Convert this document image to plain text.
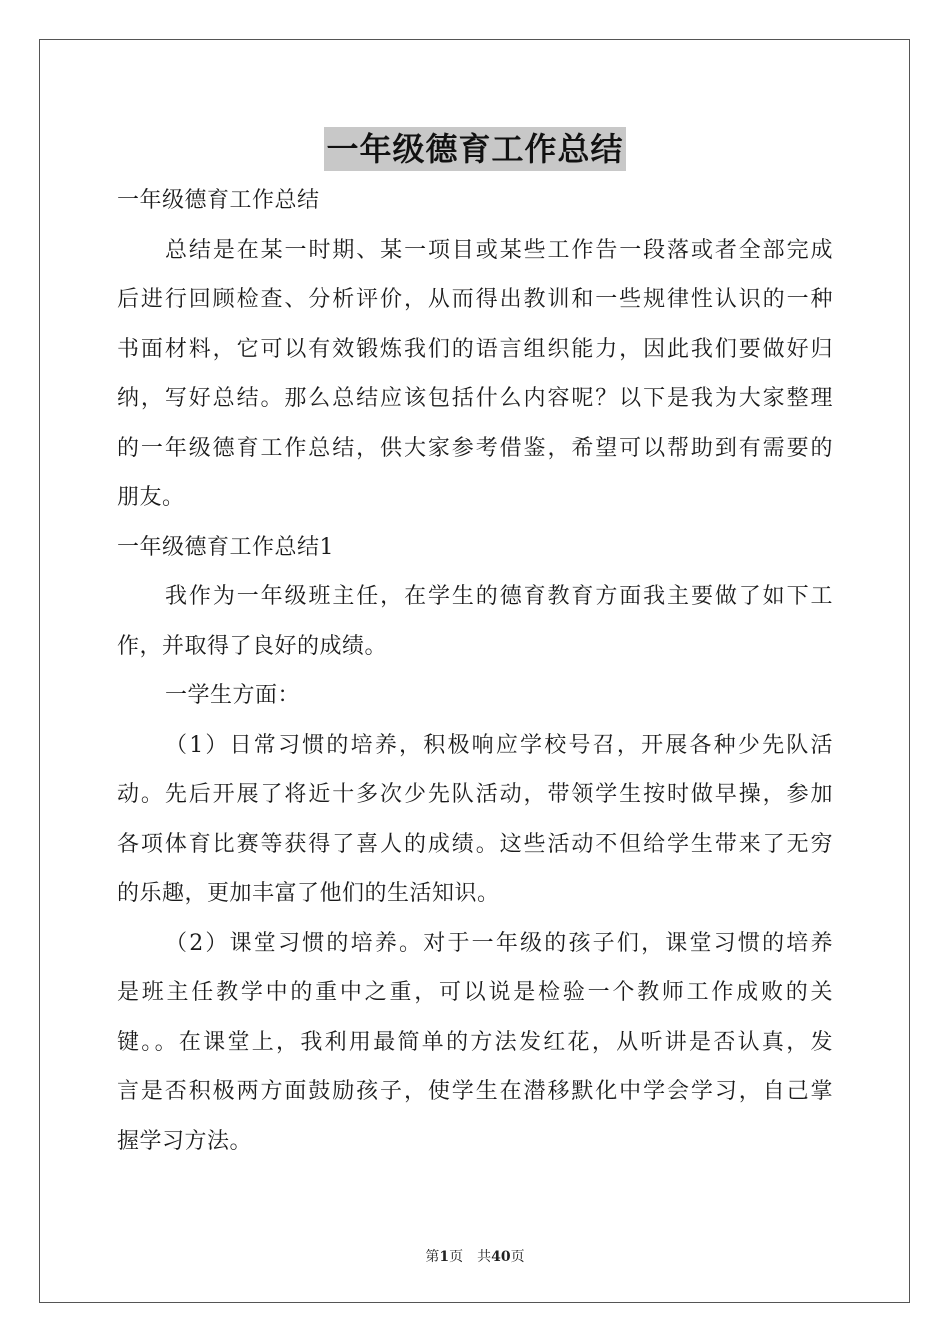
一年级德育工作总结
一年级德育工作总结
总结是在某一时期、某一项目或某些工作告一段落或者全部完成
后进行回顾检查、分析评价，从而得出教训和一些规律性认识的一种
书面材料，它可以有效锻炼我们的语言组织能力，因此我们要做好归
纳，写好总结。那么总结应该包括什么内容呢？以下是我为大家整理
的一年级德育工作总结，供大家参考借鉴，希望可以帮助到有需要的
朋友。
一年级德育工作总结1
我作为一年级班主任，在学生的德育教育方面我主要做了如下工
作，并取得了良好的成绩。
一学生方面：
（1）日常习惯的培养，积极响应学校号召，开展各种少先队活
动。先后开展了将近十多次少先队活动，带领学生按时做早操，参加
各项体育比赛等获得了喜人的成绩。这些活动不但给学生带来了无穷
的乐趣，更加丰富了他们的生活知识。
（2）课堂习惯的培养。对于一年级的孩子们，课堂习惯的培养
是班主任教学中的重中之重，可以说是检验一个教师工作成败的关
键。。在课堂上，我利用最简单的方法发红花，从听讲是否认真，发
言是否积极两方面鼓励孩子，使学生在潜移默化中学会学习，自己掌
握学习方法。
第1页 共40页
